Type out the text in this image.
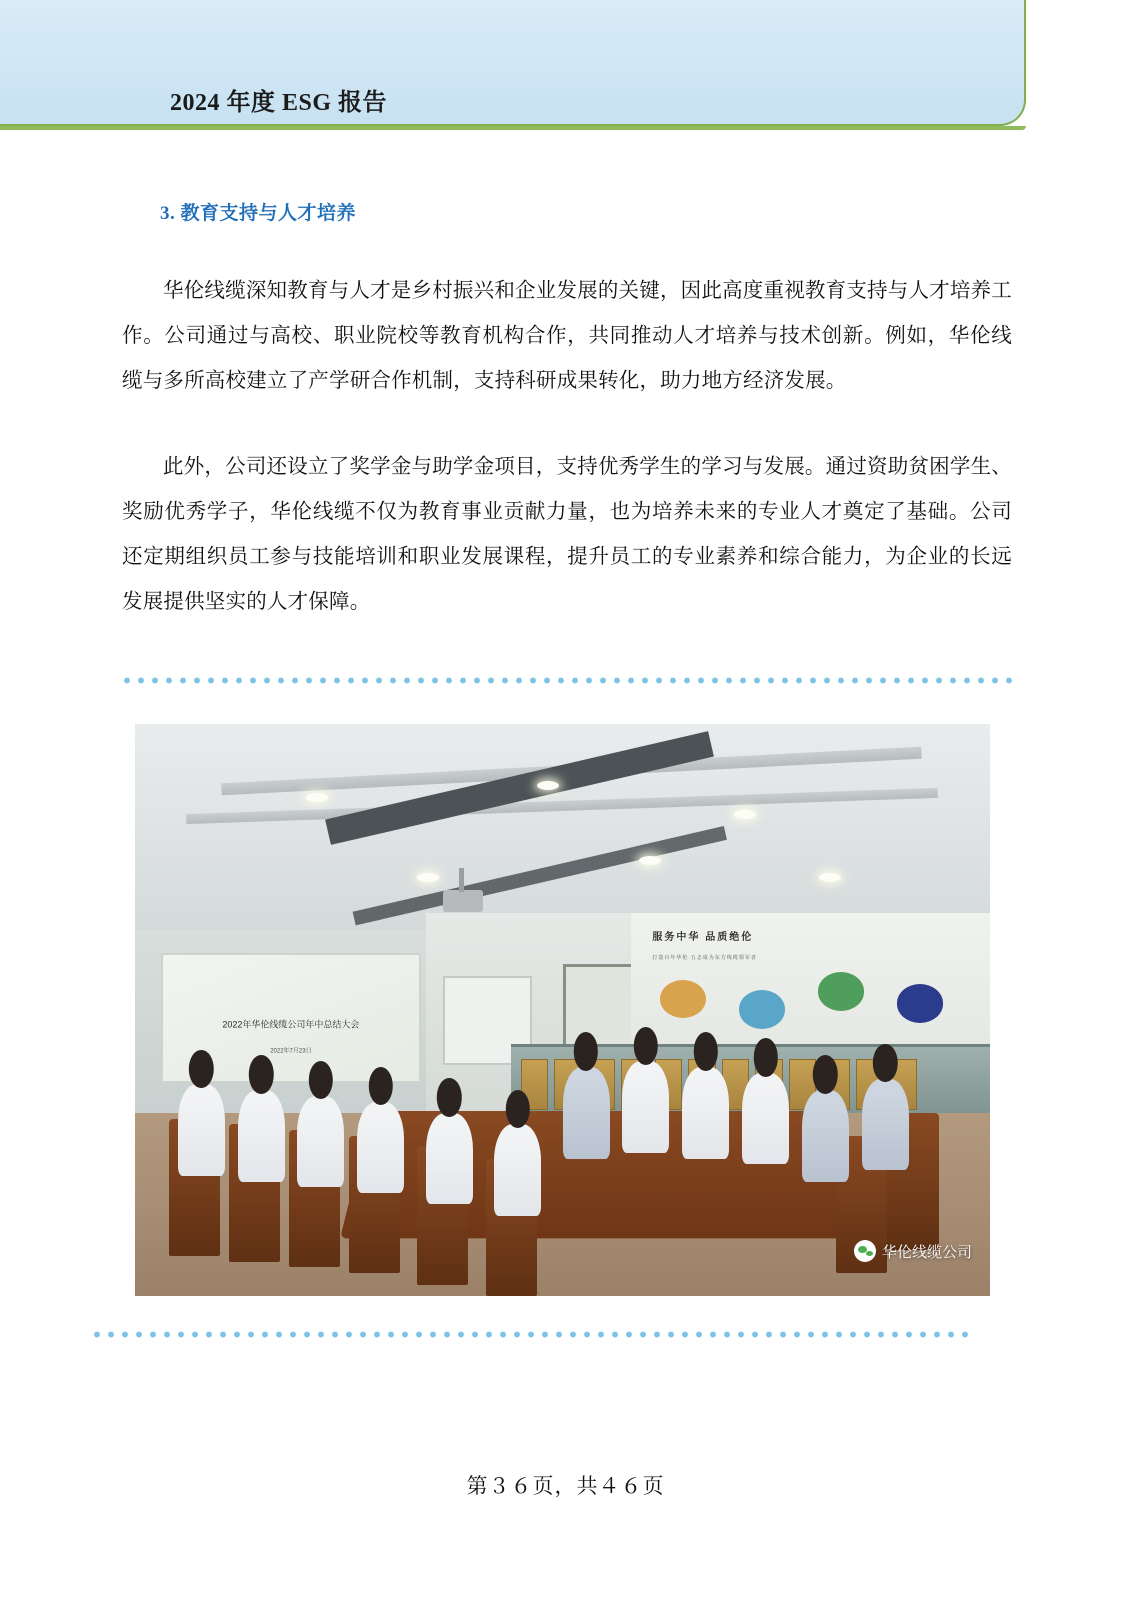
2024 年度 ESG 报告
3. 教育支持与人才培养

华伦线缆深知教育与人才是乡村振兴和企业发展的关键，因此高度重视教育支持与人才培养工作。公司通过与高校、职业院校等教育机构合作，共同推动人才培养与技术创新。例如，华伦线缆与多所高校建立了产学研合作机制，支持科研成果转化，助力地方经济发展。

此外，公司还设立了奖学金与助学金项目，支持优秀学生的学习与发展。通过资助贫困学生、奖励优秀学子，华伦线缆不仅为教育事业贡献力量，也为培养未来的专业人才奠定了基础。公司还定期组织员工参与技能培训和职业发展课程，提升员工的专业素养和综合能力，为企业的长远发展提供坚实的人才保障。

2022年华伦线缆公司年中总结大会
2022年7月23日
服务中华 品质绝伦
打造百年华伦 五志成为东方线缆领军者
华伦线缆公司
第３６页，共４６页
